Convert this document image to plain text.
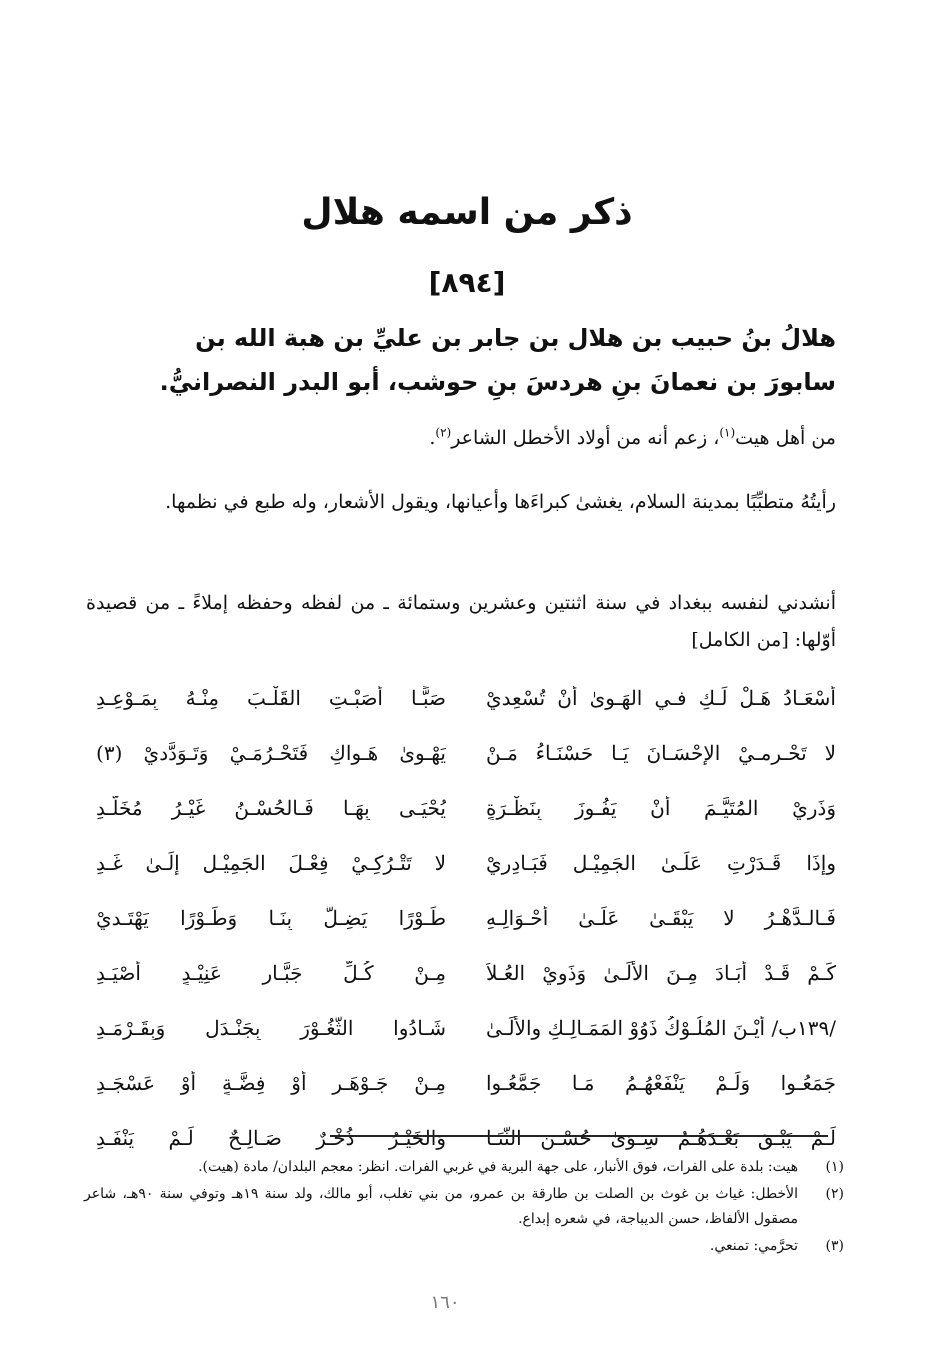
ذكر من اسمه هلال
[٨٩٤]
هلالُ بنُ حبيب بن هلال بن جابر بن عليِّ بن هبة الله بن
سابورَ بن نعمانَ بنِ هردسَ بنِ حوشب، أبو البدر النصرانيُّ.
من أهل هيت$^{(١)}$، زعم أنه من أولاد الأخطل الشاعر$^{(٢)}$.
رأيتُهُ متطبِّبًا بمدينة السلام، يغشىٰ كبراءَها وأعيانها، ويقول الأشعار، وله طبع في نظمها.
أنشدني لنفسه ببغداد في سنة اثنتين وعشرين وستمائة ـ من لفظه وحفظه إملاءً ـ من قصيدة أوّلها: [من الكامل]
أَسْعَـادُ هَـلْ لَـكِ فـي الهَـوىٰ أَنْ تُسْعِديْ
صَبًّـا أَصَبْـتِ القَلْـبَ مِنْـهُ بِمَـوْعِـدِ
لا تَحْـرِمـيْ الإِحْسَـانَ يَـا حَسْنَـاءُ مَـنْ
يَهْـوىٰ هَـواكِ فَتَحْـرُمَـيْ وَتَـوَدَّديْ (٣)
وَذَرِيْ المُتَيَّـمَ أَنْ يَفُـوزَ بِنَظْـرَةٍ
يُحْيَـى بِهَـا فَـالحُسْـنُ غَيْـرُ مُخَلَّـدِ
وإِذَا قَـدَرْتِ عَلَـىٰ الجَمِيْـلِ فَبَـادِريْ
لا تَتْـرُكِـيْ فِعْـلَ الجَمِيْـلِ إِلَـىٰ غَـدِ
فَـالـدَّهْـرُ لا يَبْقَـىٰ عَلَـىٰ أَحْـوَالِـهِ
طَـوْرًا يَضِـلُّ بِنَـا وَطَـوْرًا يَهْتَـديْ
كَـمْ قَـدْ أَبَـادَ مِـنَ الأُلَـىٰ وَذَوِيْ العُـلاَ
مِـنْ كُـلِّ جَبَّـارٍ عَنِيْـدٍ أَصْيَـدِ
/١٣٩ب/ أَيْـنَ المُلُـوْكُ ذَوُوْ المَمَـالِـكِ والأُلَـىٰ
شَـادُوا الثُّغُـوْرَ بِجَنْـدَلٍ وَبِقَـرْمَـدِ
جَمَعُـوا وَلَـمْ يَنْفَعْهُـمُ مَـا جَمَّعُـوا
مِـنْ جَـوْهَـرٍ أَوْ فِضَّـةٍ أَوْ عَسْجَـدِ
لَـمْ يَبْـقَ بَعْـدَهُـمُ سِـوَىٰ حُسْـنِ الثَّنَـا
وَالخَيْـرُ ذُخْـرٌ صَـالِـحٌ لَـمْ يَنْفَـدِ
(١)
هيت: بلدة على الفرات، فوق الأنبار، على جهة البرية في غربي الفرات. انظر: معجم البلدان/ مادة (هيت).
(٢)
الأخطل: غياث بن غوث بن الصلت بن طارقة بن عمرو، من بني تغلب، أبو مالك، ولد سنة ١٩هـ وتوفي سنة ٩٠هـ، شاعر مصقول الألفاظ، حسن الديباجة، في شعره إبداع.
(٣)
تحرَّمي: تمنعي.
١٦٠
